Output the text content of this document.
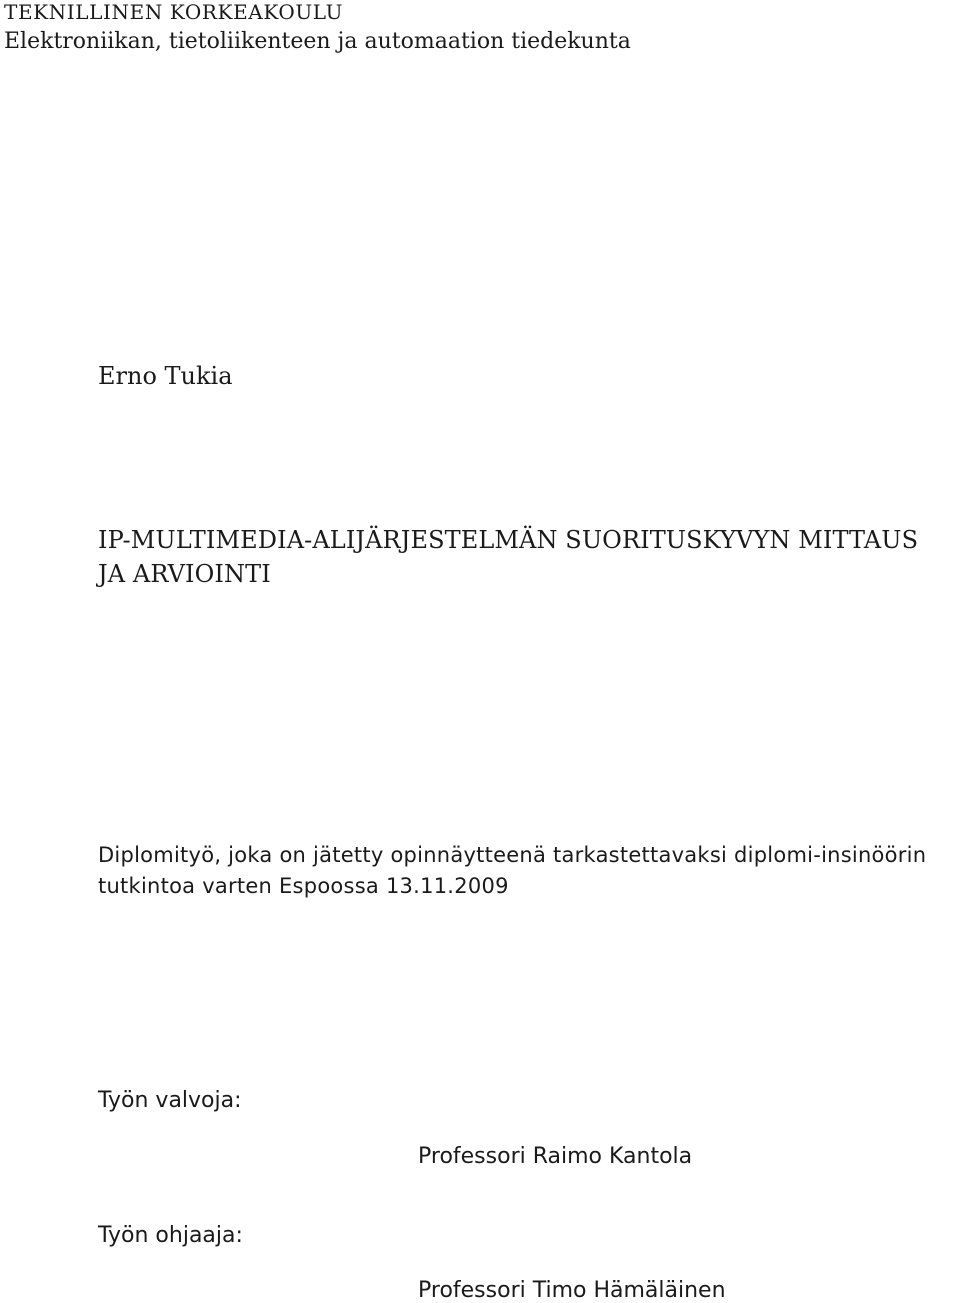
TEKNILLINEN KORKEAKOULU
Elektroniikan, tietoliikenteen ja automaation tiedekunta
Erno Tukia
IP-MULTIMEDIA-ALIJÄRJESTELMÄN SUORITUSKYVYN MITTAUS
JA ARVIOINTI
Diplomityö, joka on jätetty opinnäytteenä tarkastettavaksi diplomi-insinöörin
tutkintoa varten Espoossa 13.11.2009
Työn valvoja:
Professori Raimo Kantola
Työn ohjaaja:
Professori Timo Hämäläinen
